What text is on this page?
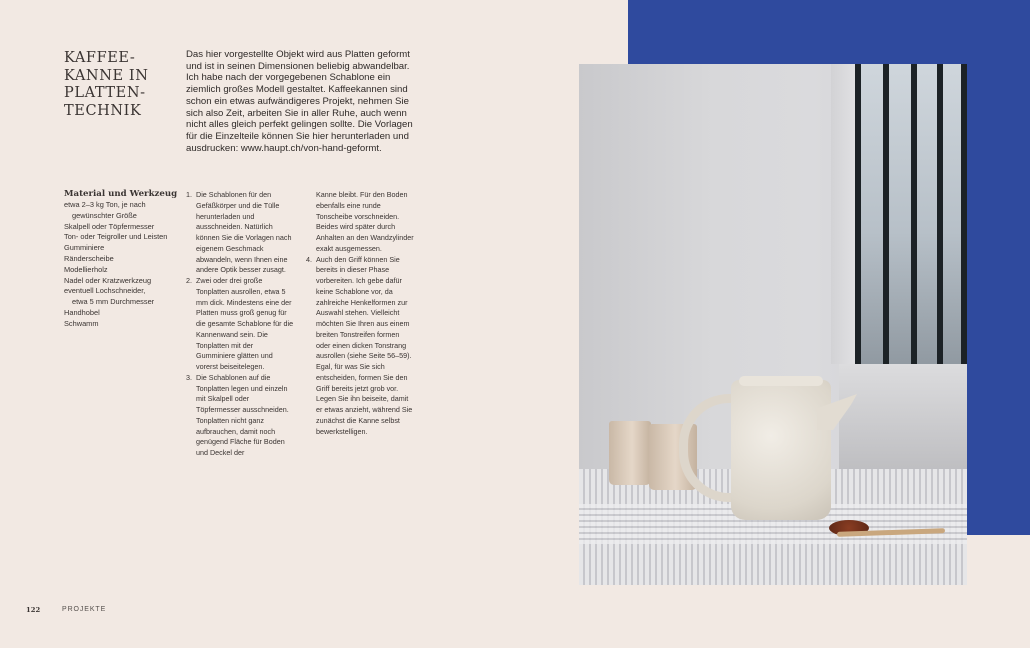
KAFFEE-
KANNE IN
PLATTEN-
TECHNIK

Das hier vorgestellte Objekt wird aus Platten geformt und ist in seinen Dimensionen beliebig abwandelbar. Ich habe nach der vorgegebenen Schablone ein ziemlich großes Modell gestaltet. Kaffeekannen sind schon ein etwas aufwändigeres Projekt, nehmen Sie sich also Zeit, arbeiten Sie in aller Ruhe, auch wenn nicht alles gleich perfekt gelingen sollte. Die Vorlagen für die Einzelteile können Sie hier herunterladen und ausdrucken: www.haupt.ch/von-hand-geformt.

Material und Werkzeug
etwa 2–3 kg Ton, je nach
gewünschter Größe
Skalpell oder Töpfermesser
Ton- oder Teigroller und Leisten
Gumminiere
Ränderscheibe
Modellierholz
Nadel oder Kratzwerkzeug
eventuell Lochschneider,
etwa 5 mm Durchmesser
Handhobel
Schwamm
1. Die Schablonen für den Gefäßkörper und die Tülle herunterladen und ausschneiden. Natürlich können Sie die Vorlagen nach eigenem Geschmack abwandeln, wenn Ihnen eine andere Optik besser zusagt.
2. Zwei oder drei große Tonplatten ausrollen, etwa 5 mm dick. Mindestens eine der Platten muss groß genug für die gesamte Schablone für die Kannenwand sein. Die Tonplatten mit der Gumminiere glätten und vorerst beiseitelegen.
3. Die Schablonen auf die Tonplatten legen und einzeln mit Skalpell oder Töpfermesser ausschneiden. Tonplatten nicht ganz aufbrauchen, damit noch genügend Fläche für Boden und Deckel der
Kanne bleibt. Für den Boden ebenfalls eine runde Tonscheibe vorschneiden. Beides wird später durch Anhalten an den Wandzylinder exakt ausgemessen.
4. Auch den Griff können Sie bereits in dieser Phase vorbereiten. Ich gebe dafür keine Schablone vor, da zahlreiche Henkelformen zur Auswahl stehen. Vielleicht möchten Sie Ihren aus einem breiten Tonstreifen formen oder einen dicken Tonstrang ausrollen (siehe Seite 56–59). Egal, für was Sie sich entscheiden, formen Sie den Griff bereits jetzt grob vor. Legen Sie ihn beiseite, damit er etwas anzieht, während Sie zunächst die Kanne selbst bewerkstelligen.
122	PROJEKTE
